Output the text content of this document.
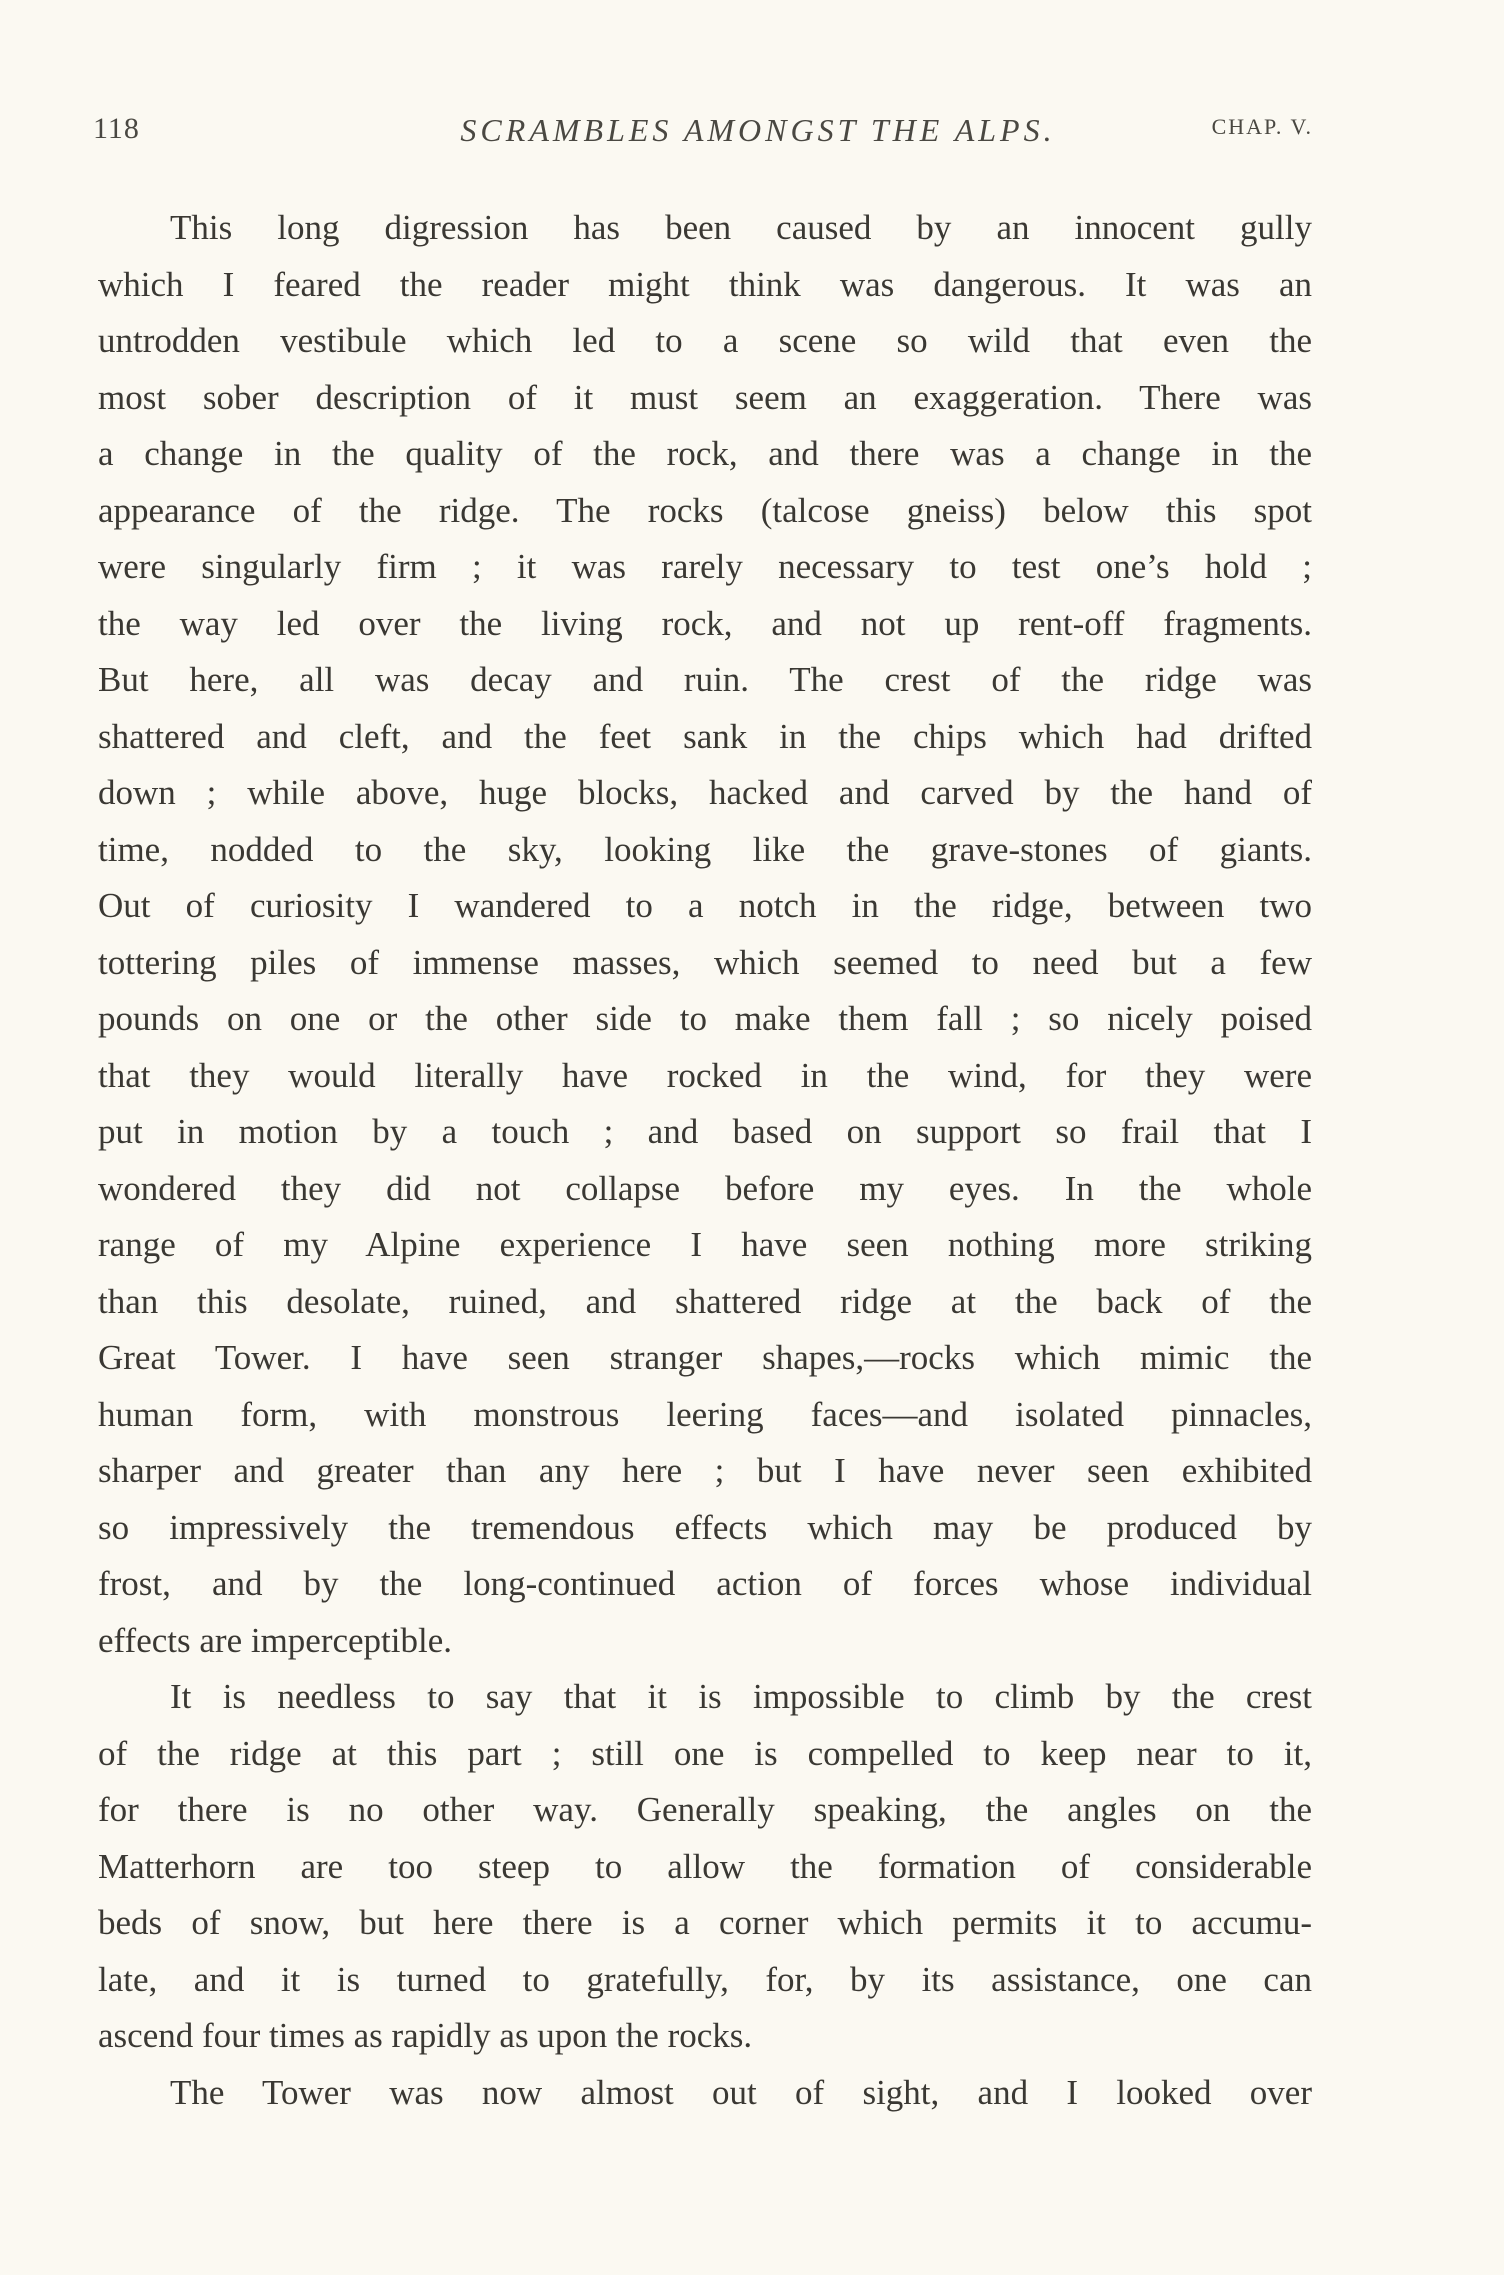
118	SCRAMBLES AMONGST THE ALPS.	CHAP. V.
This long digression has been caused by an innocent gully
which I feared the reader might think was dangerous. It was an
untrodden vestibule which led to a scene so wild that even the
most sober description of it must seem an exaggeration. There was
a change in the quality of the rock, and there was a change in the
appearance of the ridge. The rocks (talcose gneiss) below this spot
were singularly firm ; it was rarely necessary to test one’s hold ;
the way led over the living rock, and not up rent-off fragments.
But here, all was decay and ruin. The crest of the ridge was
shattered and cleft, and the feet sank in the chips which had drifted
down ; while above, huge blocks, hacked and carved by the hand of
time, nodded to the sky, looking like the grave-stones of giants.
Out of curiosity I wandered to a notch in the ridge, between two
tottering piles of immense masses, which seemed to need but a few
pounds on one or the other side to make them fall ; so nicely poised
that they would literally have rocked in the wind, for they were
put in motion by a touch ; and based on support so frail that I
wondered they did not collapse before my eyes. In the whole
range of my Alpine experience I have seen nothing more striking
than this desolate, ruined, and shattered ridge at the back of the
Great Tower. I have seen stranger shapes,—rocks which mimic the
human form, with monstrous leering faces—and isolated pinnacles,
sharper and greater than any here ; but I have never seen exhibited
so impressively the tremendous effects which may be produced by
frost, and by the long-continued action of forces whose individual
effects are imperceptible.
It is needless to say that it is impossible to climb by the crest
of the ridge at this part ; still one is compelled to keep near to it,
for there is no other way. Generally speaking, the angles on the
Matterhorn are too steep to allow the formation of considerable
beds of snow, but here there is a corner which permits it to accumu-
late, and it is turned to gratefully, for, by its assistance, one can
ascend four times as rapidly as upon the rocks.
The Tower was now almost out of sight, and I looked over
